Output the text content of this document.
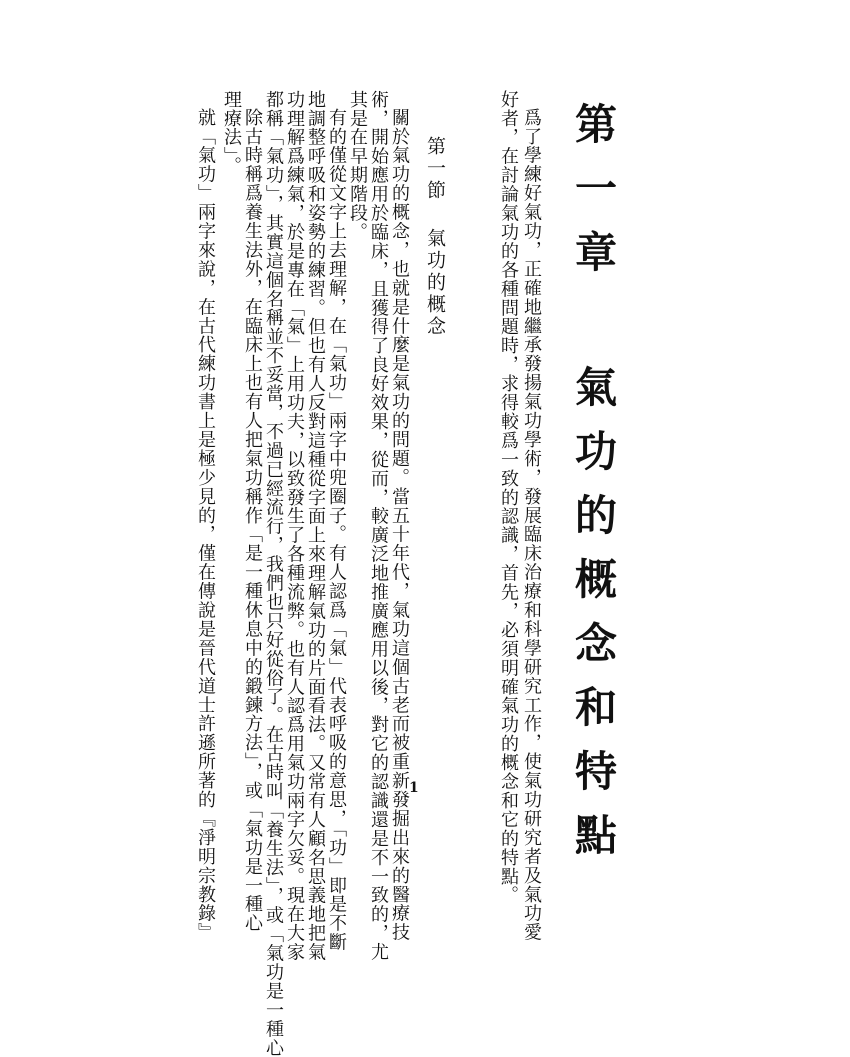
第一章 氣功的概念和特點
爲了學練好氣功，正確地繼承發揚氣功學術，發展臨床治療和科學研究工作，使氣功研究者及氣功愛
好者，在討論氣功的各種問題時，求得較爲一致的認識，首先，必須明確氣功的概念和它的特點。
第一節氣功的概念
關於氣功的概念，也就是什麼是氣功的問題。當五十年代，氣功這個古老而被重新發掘出來的醫療技
術，開始應用於臨床，且獲得了良好效果，從而，較廣泛地推廣應用以後，對它的認識還是不一致的，尤
其是在早期階段。
有的僅從文字上去理解，在「氣功」兩字中兜圈子。有人認爲「氣」代表呼吸的意思，「功」即是不斷
地調整呼吸和姿勢的練習。但也有人反對這種從字面上來理解氣功的片面看法。又常有人顧名思義地把氣
功理解爲練氣，於是專在「氣」上用功夫，以致發生了各種流弊。也有人認爲用氣功兩字欠妥。現在大家
都稱「氣功」，其實這個名稱並不妥當，不過已經流行，我們也只好從俗了。在古時叫「養生法」，或「氣功是一種心
除古時稱爲養生法外，在臨床上也有人把氣功稱作「是一種休息中的鍛鍊方法」，或「氣功是一種心
理療法」。
就「氣功」兩字來說，在古代練功書上是極少見的，僅在傳說是晉代道士許遜所著的『淨明宗教錄』	1
